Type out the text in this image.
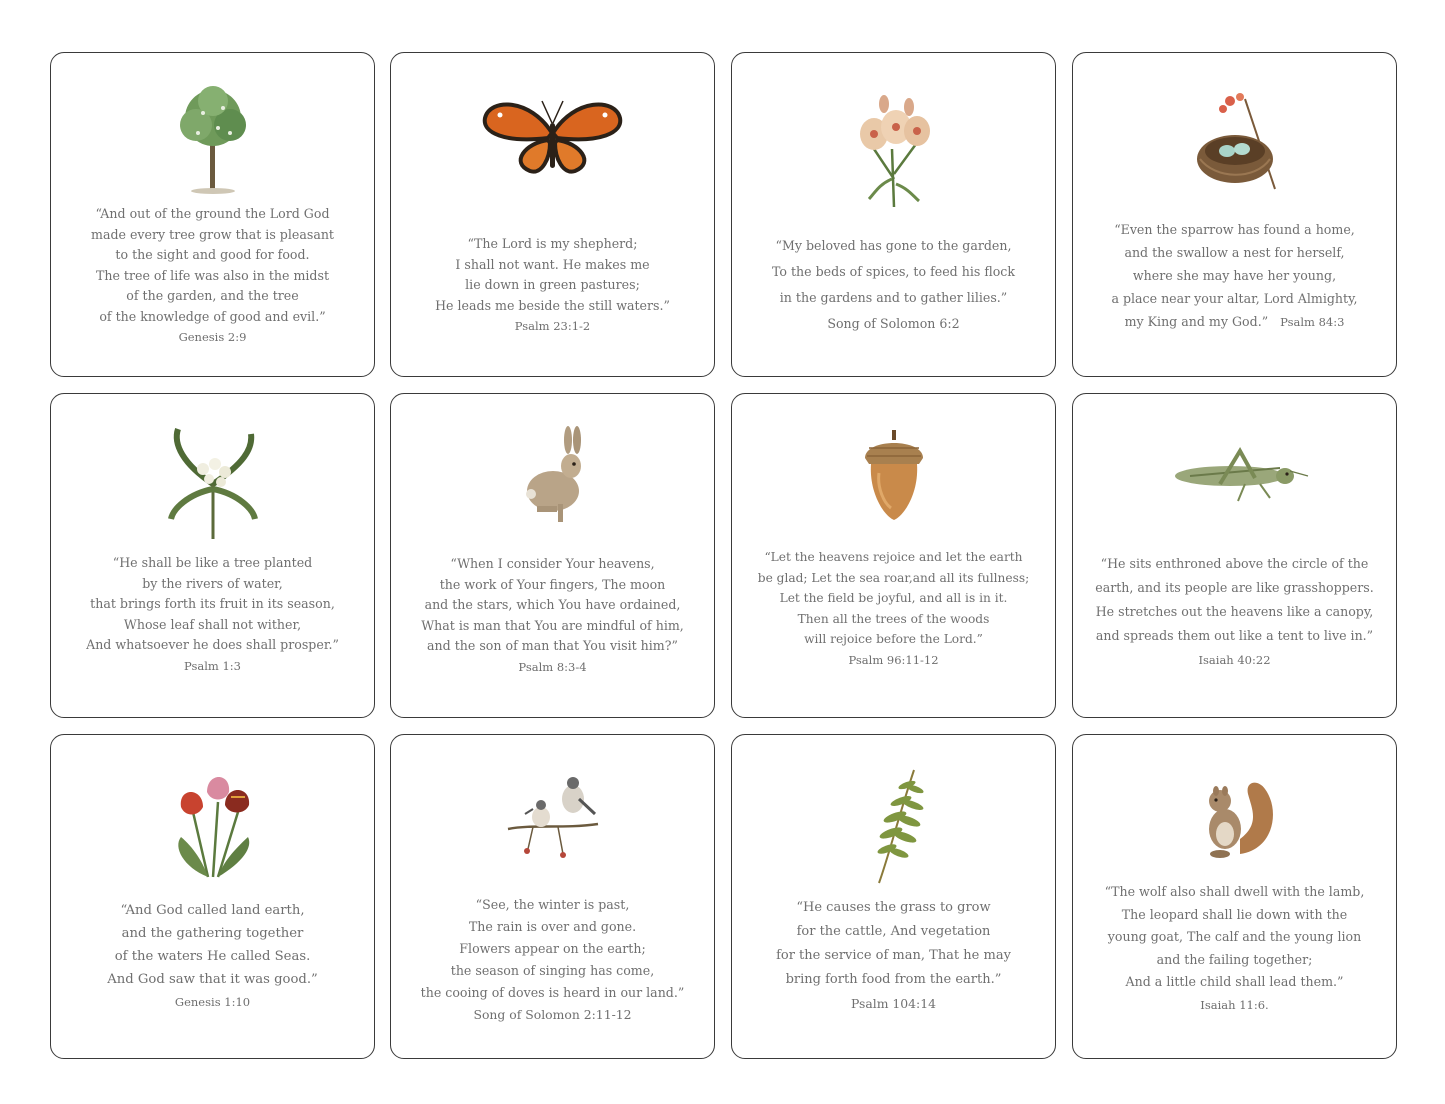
“And out of the ground the Lord God
made every tree grow that is pleasant
to the sight and good for food.
The tree of life was also in the midst
of the garden, and the tree
of the knowledge of good and evil.”
Genesis 2:9
“The Lord is my shepherd;
I shall not want. He makes me
lie down in green pastures;
He leads me beside the still waters.”
Psalm 23:1-2
“My beloved has gone to the garden,
To the beds of spices, to feed his flock
in the gardens and to gather lilies.”
Song of Solomon 6:2
“Even the sparrow has found a home,
and the swallow a nest for herself,
where she may have her young,
a place near your altar, Lord Almighty,
my King and my God.” Psalm 84:3
“He shall be like a tree planted
by the rivers of water,
that brings forth its fruit in its season,
Whose leaf shall not wither,
And whatsoever he does shall prosper.”
Psalm 1:3
“When I consider Your heavens,
the work of Your fingers, The moon
and the stars, which You have ordained,
What is man that You are mindful of him,
and the son of man that You visit him?”
Psalm 8:3-4
“Let the heavens rejoice and let the earth
be glad; Let the sea roar,and all its fullness;
Let the field be joyful, and all is in it.
Then all the trees of the woods
will rejoice before the Lord.”
Psalm 96:11-12
“He sits enthroned above the circle of the
earth, and its people are like grasshoppers.
He stretches out the heavens like a canopy,
and spreads them out like a tent to live in.”
Isaiah 40:22
“And God called land earth,
and the gathering together
of the waters He called Seas.
And God saw that it was good.”
Genesis 1:10
“See, the winter is past,
The rain is over and gone.
Flowers appear on the earth;
the season of singing has come,
the cooing of doves is heard in our land.”
Song of Solomon 2:11-12
“He causes the grass to grow
for the cattle, And vegetation
for the service of man, That he may
bring forth food from the earth.”
Psalm 104:14
“The wolf also shall dwell with the lamb,
The leopard shall lie down with the
young goat, The calf and the young lion
and the failing together;
And a little child shall lead them.”
Isaiah 11:6.
